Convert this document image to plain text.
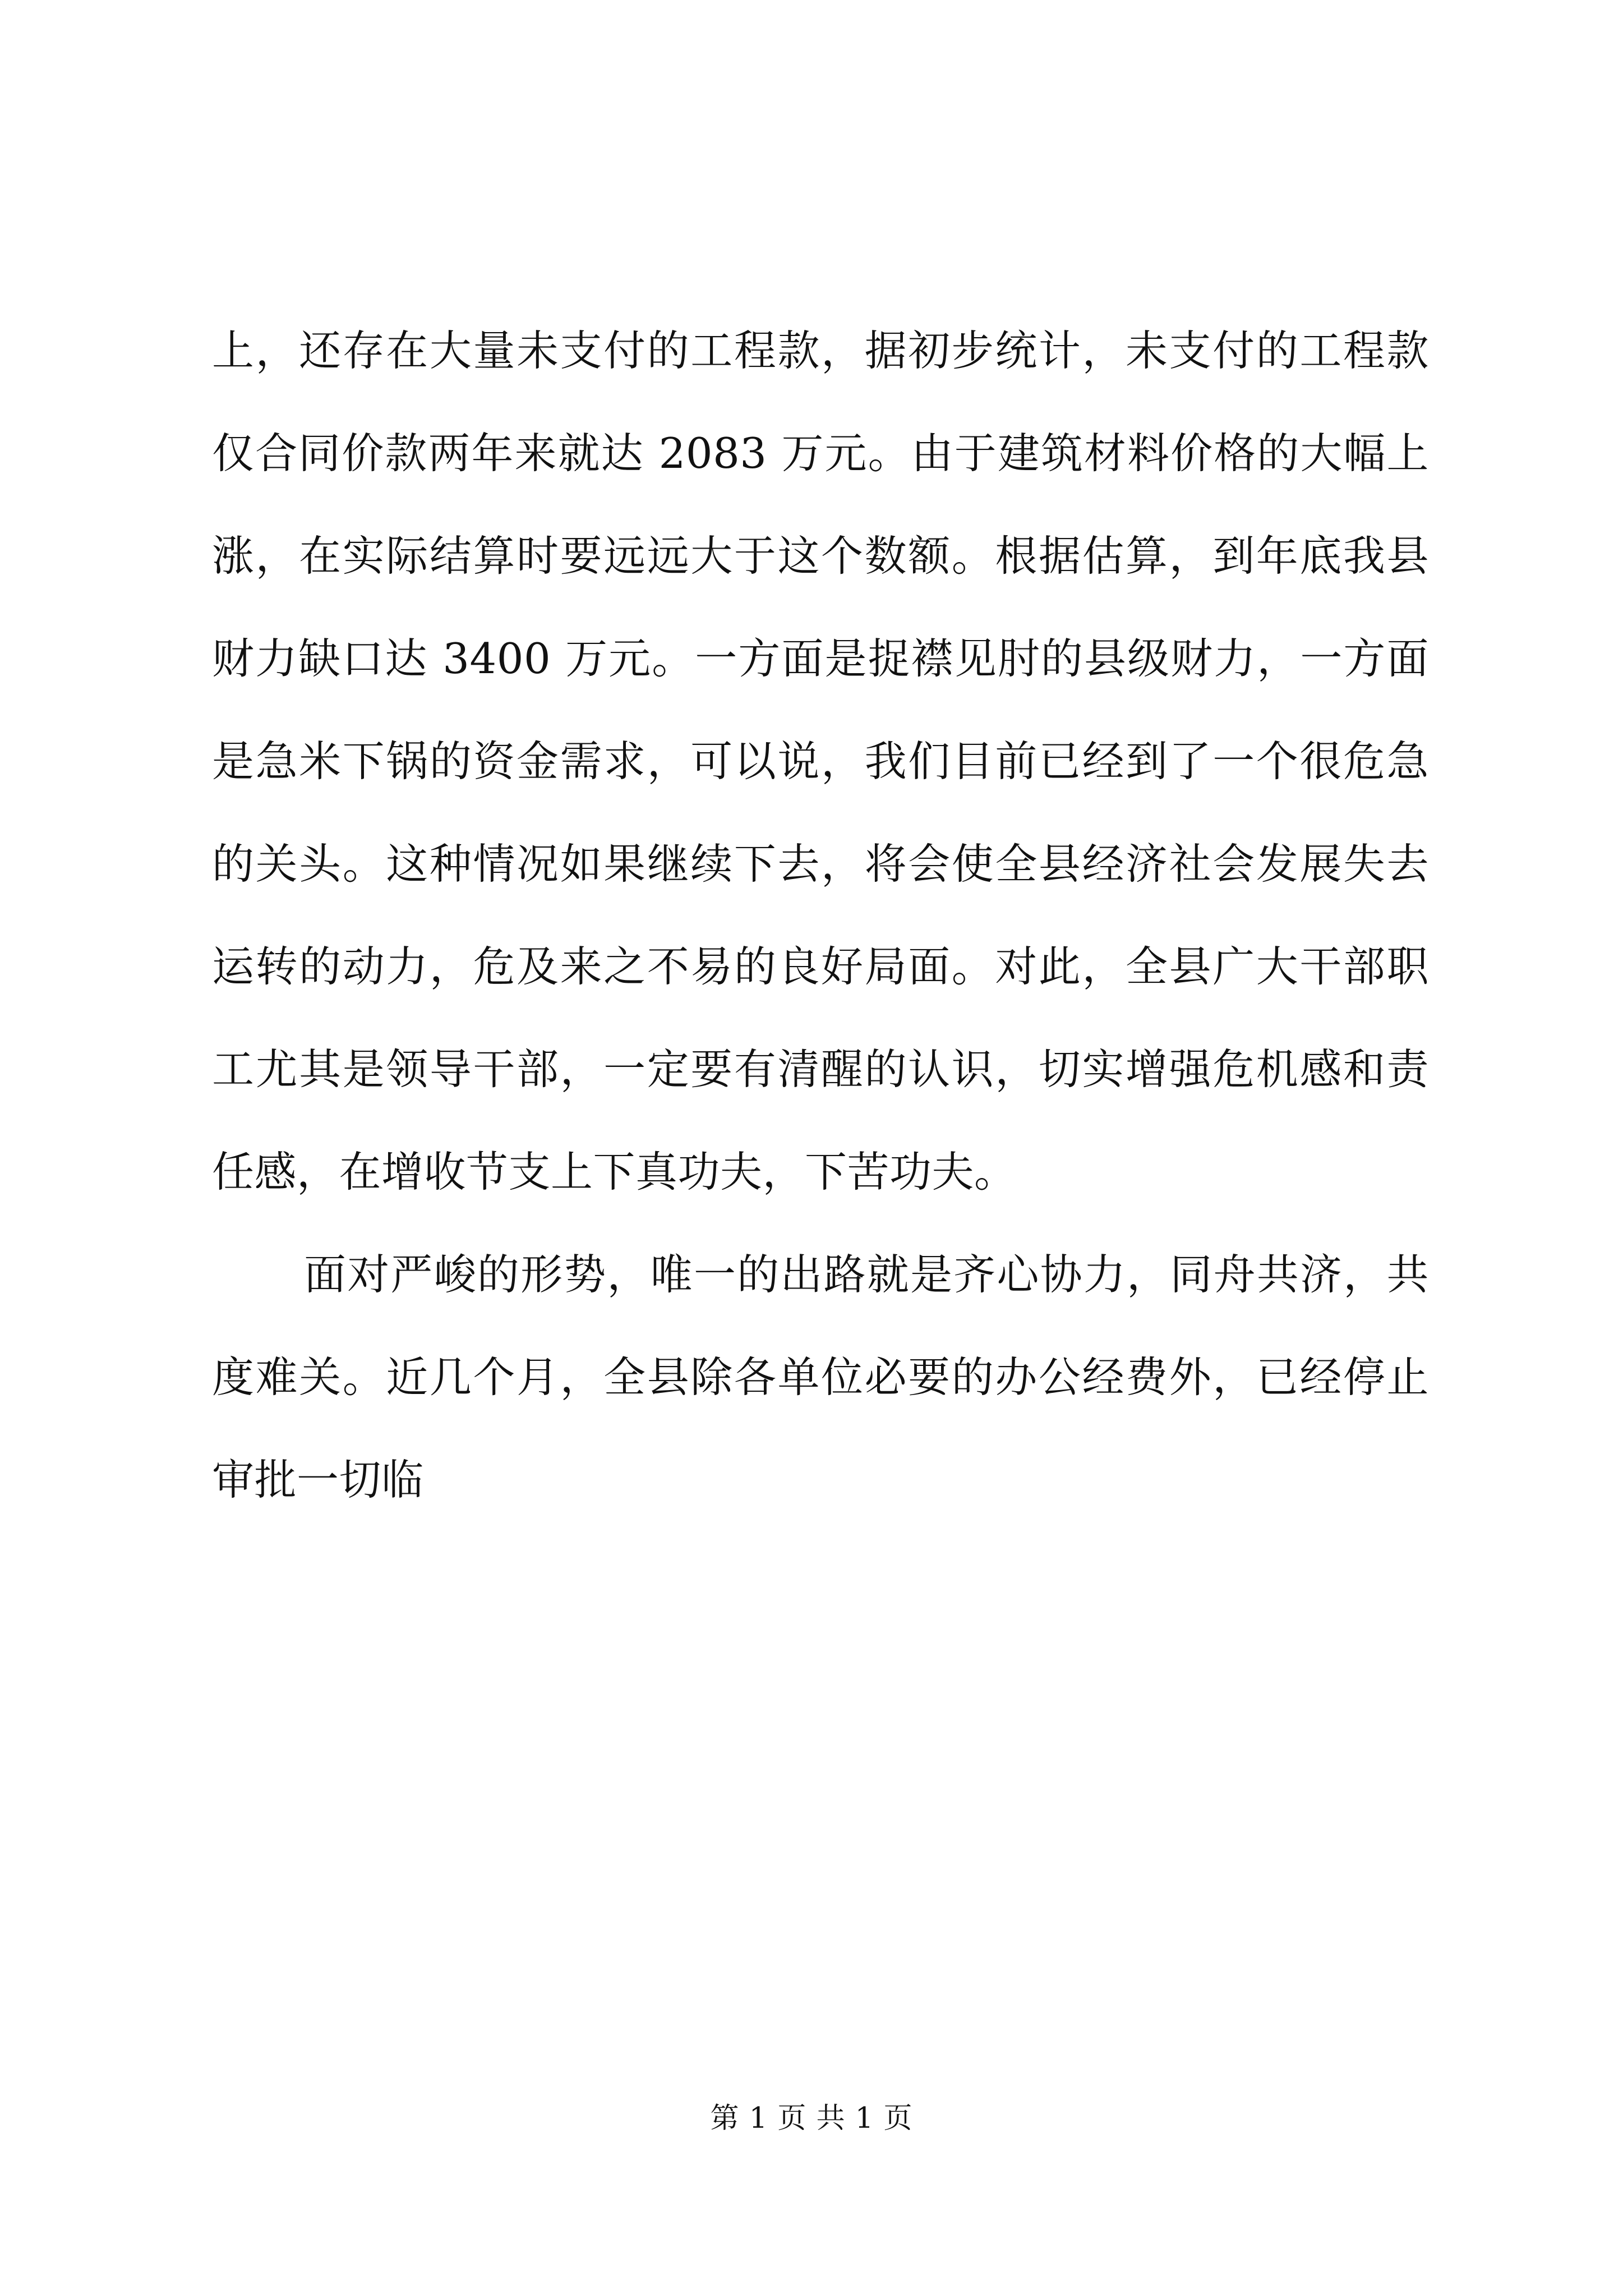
上，还存在大量未支付的工程款，据初步统计，未支付的工程款
仅合同价款两年来就达 2083 万元。由于建筑材料价格的大幅上
涨，在实际结算时要远远大于这个数额。根据估算，到年底我县
财力缺口达 3400 万元。一方面是捉襟见肘的县级财力，一方面
是急米下锅的资金需求，可以说，我们目前已经到了一个很危急
的关头。这种情况如果继续下去，将会使全县经济社会发展失去
运转的动力，危及来之不易的良好局面。对此，全县广大干部职
工尤其是领导干部，一定要有清醒的认识，切实增强危机感和责
任感，在增收节支上下真功夫，下苦功夫。
面对严峻的形势，唯一的出路就是齐心协力，同舟共济，共
度难关。近几个月，全县除各单位必要的办公经费外，已经停止
审批一切临
第 1 页 共 1 页
